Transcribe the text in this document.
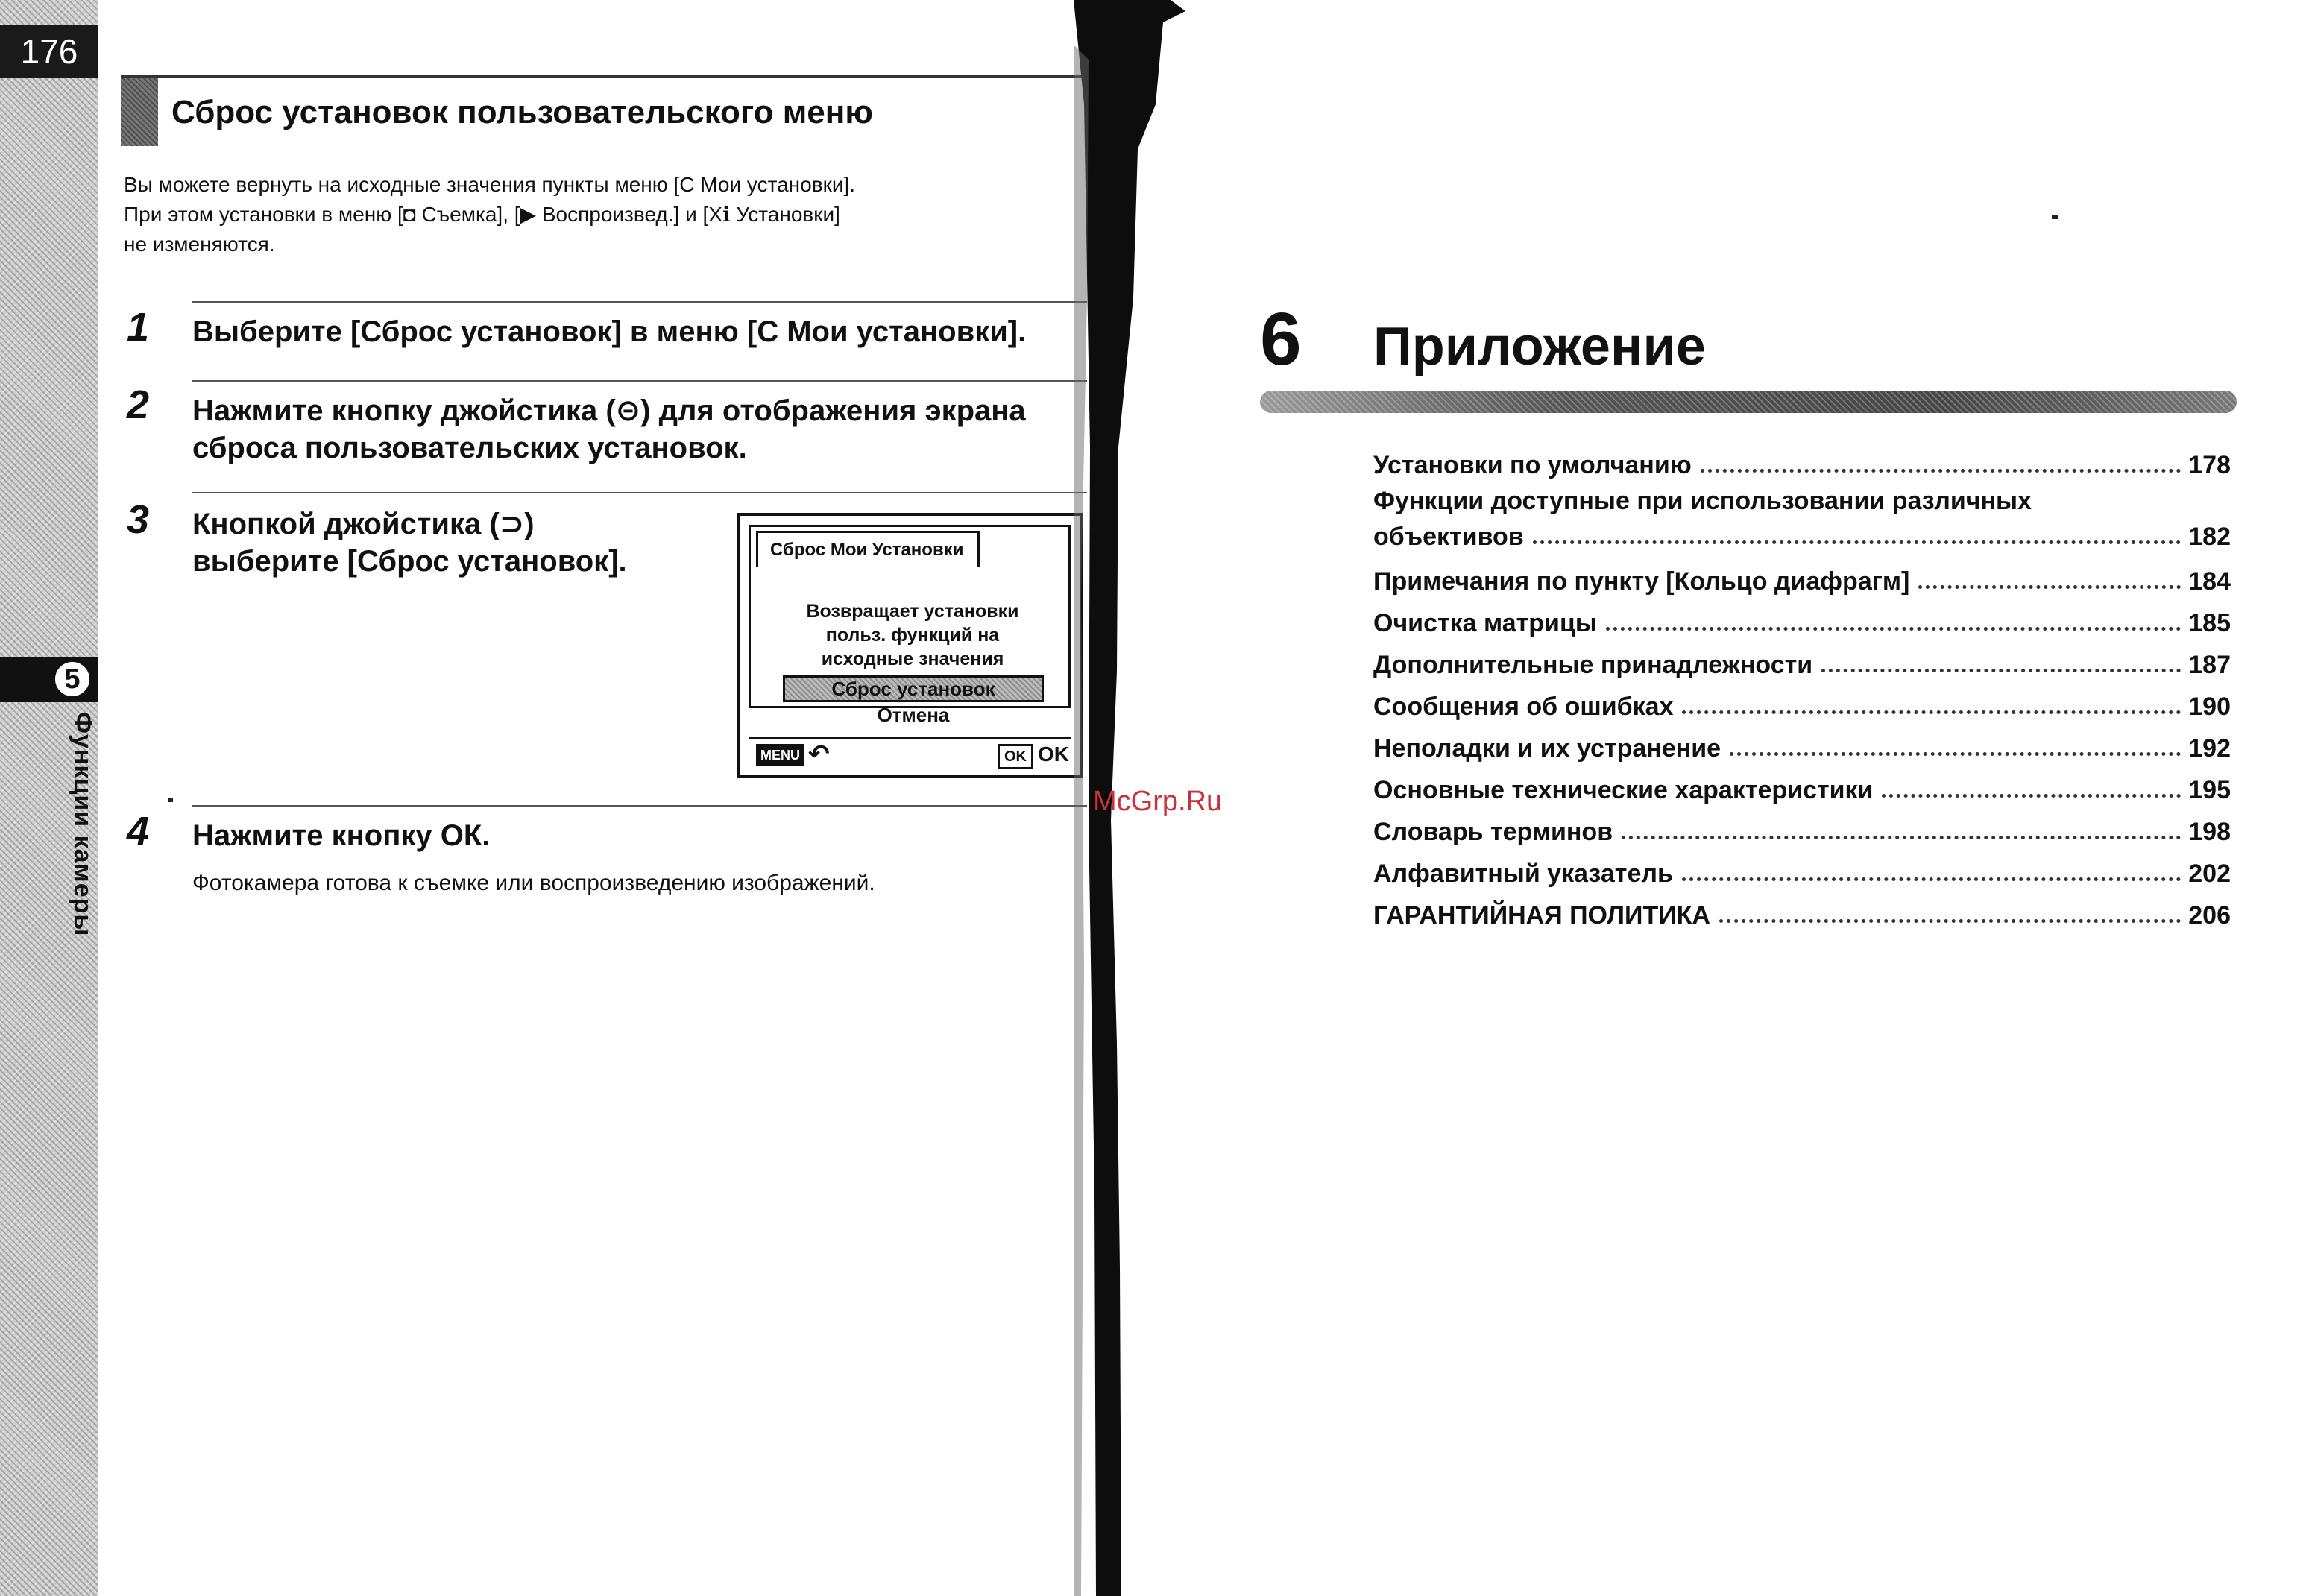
176
5
Функции камеры
Сброс установок пользовательского меню
Вы можете вернуть на исходные значения пункты меню [C Мои установки].
При этом установки в меню [◘ Съемка], [▶ Воспроизвед.] и [Xℹ Установки]
не изменяются.
1 Выберите [Сброс установок] в меню [C Мои установки].
2 Нажмите кнопку джойстика (⊝) для отображения экрана
сброса пользовательских установок.
3 Кнопкой джойстика (⊃)
выберите [Сброс установок].	Сброс Мои Установки
Возвращает установки
польз. функций на
исходные значения
Сброс установок
Отмена
MENU ↶	OK OK
4 Нажмите кнопку ОК.
Фотокамера готова к съемке или воспроизведению изображений.
McGrp.Ru
6 Приложение
Установки по умолчанию	178
Функции доступные при использовании различных
объективов	182
Примечания по пункту [Кольцо диафрагм]	184
Очистка матрицы	185
Дополнительные принадлежности	187
Сообщения об ошибках	190
Неполадки и их устранение	192
Основные технические характеристики	195
Словарь терминов	198
Алфавитный указатель	202
ГАРАНТИЙНАЯ ПОЛИТИКА	206
